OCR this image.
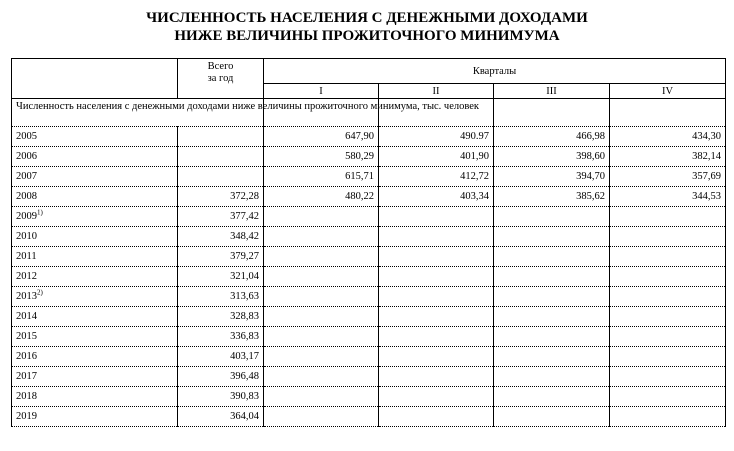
ЧИСЛЕННОСТЬ НАСЕЛЕНИЯ С ДЕНЕЖНЫМИ ДОХОДАМИ
НИЖЕ ВЕЛИЧИНЫ ПРОЖИТОЧНОГО МИНИМУМА

	Всего
за год	Кварталы			
		I	II	III	IV
Численность населения с денежными доходами ниже величины прожиточного минимума, тыс. человек					
2005		647,90	490.97	466,98	434,30
2006		580,29	401,90	398,60	382,14
2007		615,71	412,72	394,70	357,69
2008	372,28	480,22	403,34	385,62	344,53
2009$^{1)}$	377,42				
2010	348,42				
2011	379,27				
2012	321,04				
2013$^{2)}$	313,63				
2014	328,83				
2015	336,83				
2016	403,17				
2017	396,48				
2018	390,83				
2019	364,04				
